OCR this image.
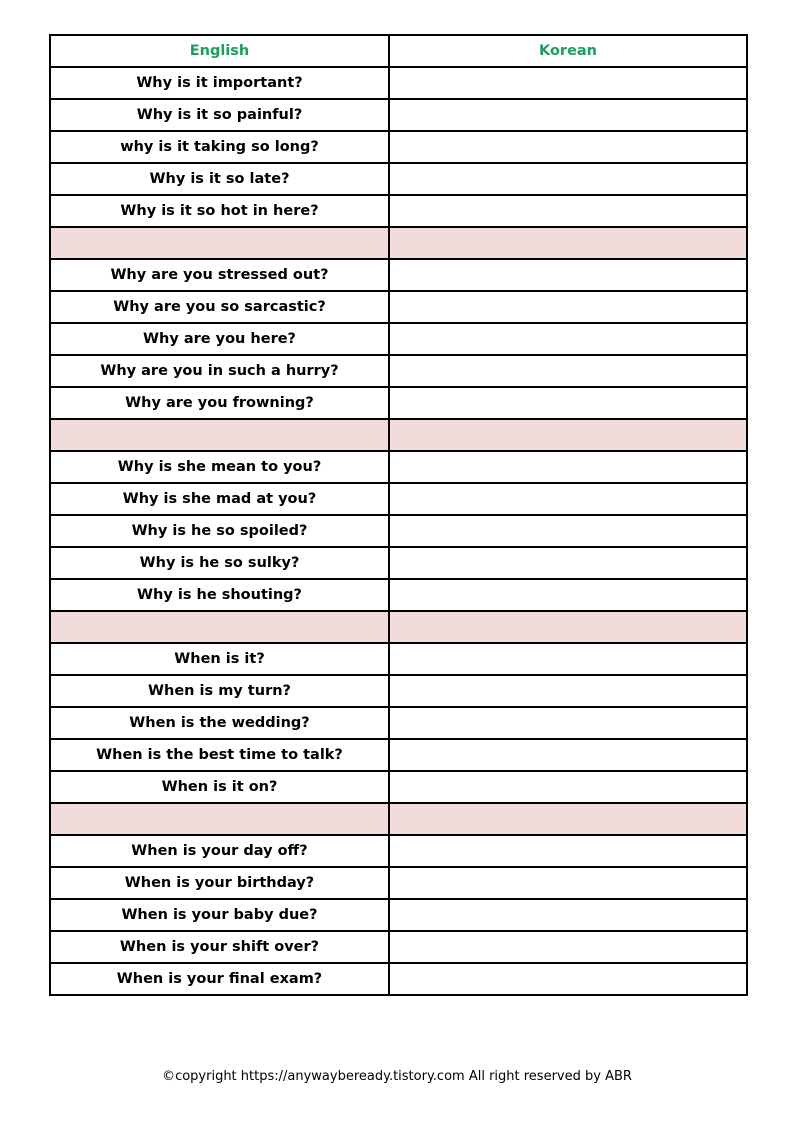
English	Korean
Why is it important?	
Why is it so painful?	
why is it taking so long?	
Why is it so late?	
Why is it so hot in here?	

Why are you stressed out?	
Why are you so sarcastic?	
Why are you here?	
Why are you in such a hurry?	
Why are you frowning?	

Why is she mean to you?	
Why is she mad at you?	
Why is he so spoiled?	
Why is he so sulky?	
Why is he shouting?	

When is it?	
When is my turn?	
When is the wedding?	
When is the best time to talk?	
When is it on?	

When is your day off?	
When is your birthday?	
When is your baby due?	
When is your shift over?	
When is your final exam?	
©copyright https://anywaybeready.tistory.com All right reserved by ABR
